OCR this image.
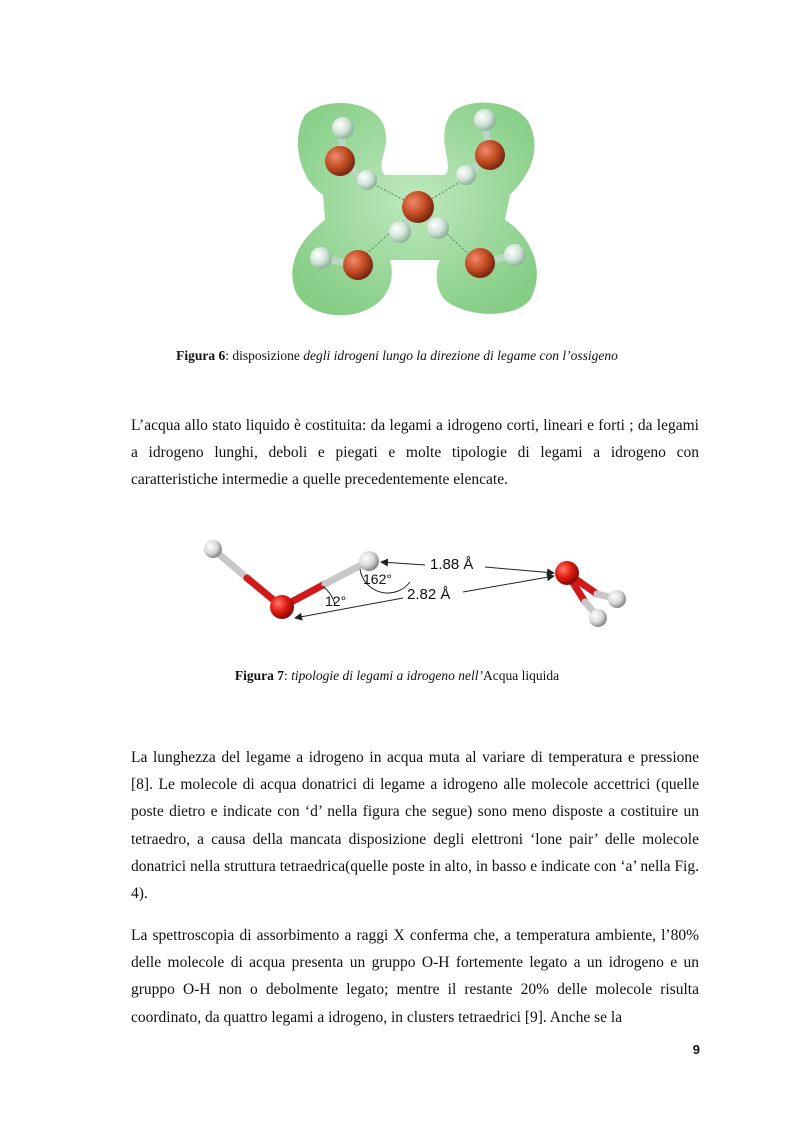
Figura 6: disposizione degli idrogeni lungo la direzione di legame con l’ossigeno

L’acqua allo stato liquido è costituita: da legami a idrogeno corti, lineari e forti ; da legami a idrogeno lunghi, deboli e piegati e molte tipologie di legami a idrogeno con caratteristiche intermedie a quelle precedentemente elencate.

1.88 Å
2.82 Å
162°
12°
Figura 7: tipologie di legami a idrogeno nell’Acqua liquida

La lunghezza del legame a idrogeno in acqua muta al variare di temperatura e pressione [8]. Le molecole di acqua donatrici di legame a idrogeno alle molecole accettrici (quelle poste dietro e indicate con ‘d’ nella figura che segue) sono meno disposte a costituire un tetraedro, a causa della mancata disposizione degli elettroni ‘lone pair’ delle molecole donatrici nella struttura tetraedrica(quelle poste in alto, in basso e indicate con ‘a’ nella Fig. 4).

La spettroscopia di assorbimento a raggi X conferma che, a temperatura ambiente, l’80% delle molecole di acqua presenta un gruppo O-H fortemente legato a un idrogeno e un gruppo O-H non o debolmente legato; mentre il restante 20% delle molecole risulta coordinato, da quattro legami a idrogeno, in clusters tetraedrici [9]. Anche se la

9
